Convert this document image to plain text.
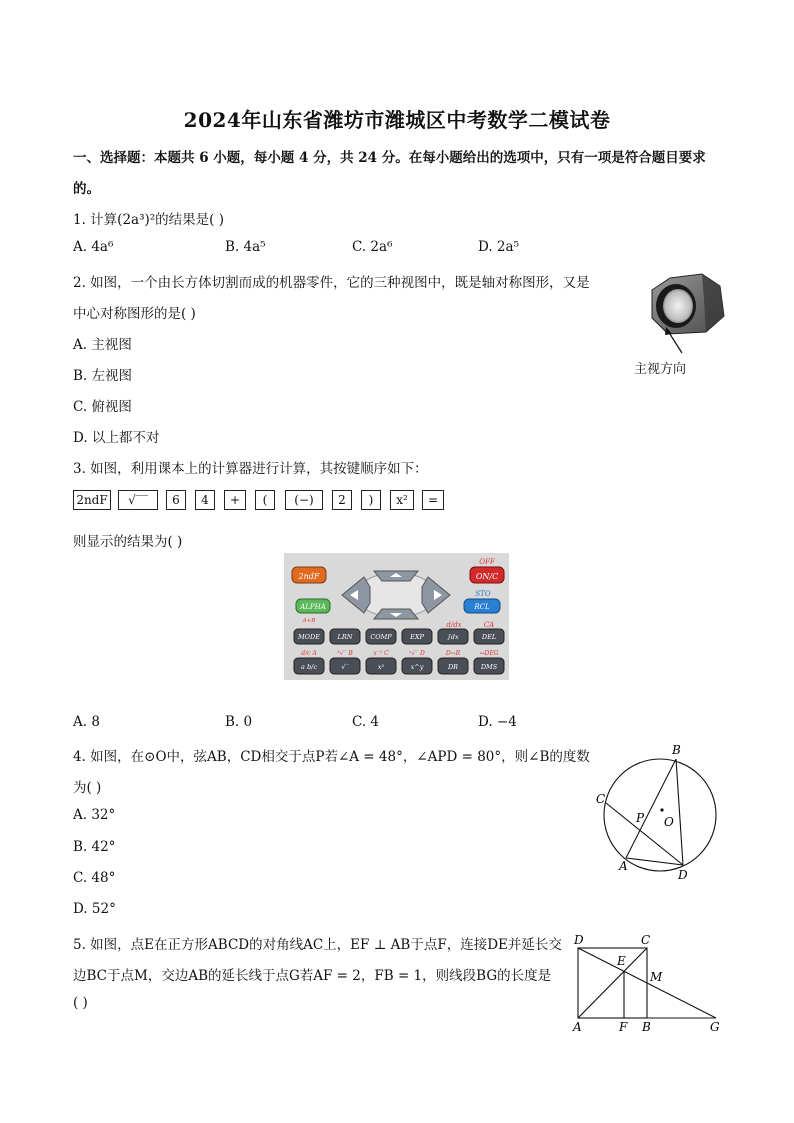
2024年山东省潍坊市潍城区中考数学二模试卷
一、选择题：本题共 6 小题，每小题 4 分，共 24 分。在每小题给出的选项中，只有一项是符合题目要求
的。
1. 计算(2a³)²的结果是( )
A. 4a⁶	B. 4a⁵	C. 2a⁶	D. 2a⁵
2. 如图，一个由长方体切割而成的机器零件，它的三种视图中，既是轴对称图形，又是
中心对称图形的是( )
A. 主视图
B. 左视图
C. 俯视图
D. 以上都不对
主视方向
3. 如图，利用课本上的计算器进行计算，其按键顺序如下：
2ndF	√‾‾	6	4	+	(	(−)	2	)	x²	=
则显示的结果为( )
2ndF
ALPHA
OFF
ON/C
STO
RCL
A+B	d/dx	CA
MODE	LRN	COMP	EXP	∫dx	DEL
d/c A	³√‾ B	x⁻¹ C	ˣ√‾ D	D↔R	↔DEG
a b/c	√‾	x²	x^y	DR	DMS
A. 8	B. 0	C. 4	D. −4
4. 如图，在⊙O中，弦AB，CD相交于点P若∠A = 48°，∠APD = 80°，则∠B的度数
为( )
A. 32°
B. 42°
C. 48°
D. 52°
B
C
P O
A
D
5. 如图，点E在正方形ABCD的对角线AC上，EF ⊥ AB于点F，连接DE并延长交
边BC于点M，交边AB的延长线于点G若AF = 2，FB = 1，则线段BG的长度是
( )
D	C
E
M
A	F B	G
